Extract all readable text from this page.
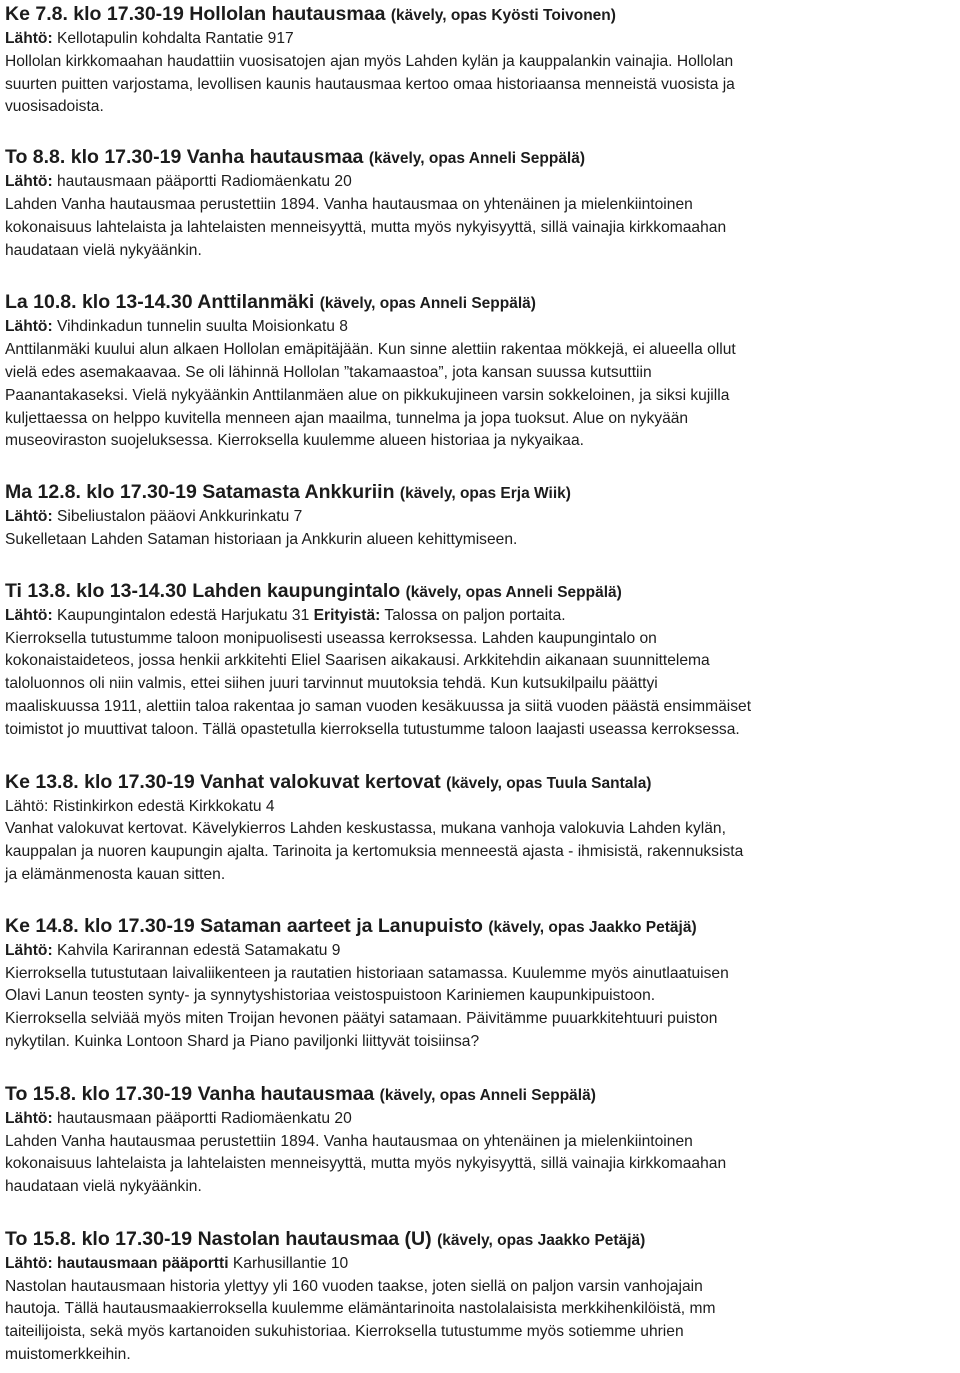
Ke 7.8. klo 17.30-19 Hollolan hautausmaa (kävely, opas Kyösti Toivonen)
Lähtö: Kellotapulin kohdalta Rantatie 917

Hollolan kirkkomaahan haudattiin vuosisatojen ajan myös Lahden kylän ja kauppalankin vainajia. Hollolan
suurten puitten varjostama, levollisen kaunis hautausmaa kertoo omaa historiaansa menneistä vuosista ja
vuosisadoista.

To 8.8. klo 17.30-19 Vanha hautausmaa (kävely, opas Anneli Seppälä)
Lähtö: hautausmaan pääportti Radiomäenkatu 20

Lahden Vanha hautausmaa perustettiin 1894. Vanha hautausmaa on yhtenäinen ja mielenkiintoinen
kokonaisuus lahtelaista ja lahtelaisten menneisyyttä, mutta myös nykyisyyttä, sillä vainajia kirkkomaahan
haudataan vielä nykyäänkin.

La 10.8. klo 13-14.30 Anttilanmäki (kävely, opas Anneli Seppälä)
Lähtö: Vihdinkadun tunnelin suulta Moisionkatu 8

Anttilanmäki kuului alun alkaen Hollolan emäpitäjään. Kun sinne alettiin rakentaa mökkejä, ei alueella ollut
vielä edes asemakaavaa. Se oli lähinnä Hollolan ”takamaastoa”, jota kansan suussa kutsuttiin
Paanantakaseksi. Vielä nykyäänkin Anttilanmäen alue on pikkukujineen varsin sokkeloinen, ja siksi kujilla
kuljettaessa on helppo kuvitella menneen ajan maailma, tunnelma ja jopa tuoksut. Alue on nykyään
museoviraston suojeluksessa. Kierroksella kuulemme alueen historiaa ja nykyaikaa.

Ma 12.8. klo 17.30-19 Satamasta Ankkuriin (kävely, opas Erja Wiik)
Lähtö: Sibeliustalon pääovi Ankkurinkatu 7

Sukelletaan Lahden Sataman historiaan ja Ankkurin alueen kehittymiseen.

Ti 13.8. klo 13-14.30 Lahden kaupungintalo (kävely, opas Anneli Seppälä)
Lähtö: Kaupungintalon edestä Harjukatu 31 Erityistä: Talossa on paljon portaita.

Kierroksella tutustumme taloon monipuolisesti useassa kerroksessa. Lahden kaupungintalo on
kokonaistaideteos, jossa henkii arkkitehti Eliel Saarisen aikakausi. Arkkitehdin aikanaan suunnittelema
taloluonnos oli niin valmis, ettei siihen juuri tarvinnut muutoksia tehdä. Kun kutsukilpailu päättyi
maaliskuussa 1911, alettiin taloa rakentaa jo saman vuoden kesäkuussa ja siitä vuoden päästä ensimmäiset
toimistot jo muuttivat taloon. Tällä opastetulla kierroksella tutustumme taloon laajasti useassa kerroksessa.

Ke 13.8. klo 17.30-19 Vanhat valokuvat kertovat (kävely, opas Tuula Santala)
Lähtö: Ristinkirkon edestä Kirkkokatu 4

Vanhat valokuvat kertovat. Kävelykierros Lahden keskustassa, mukana vanhoja valokuvia Lahden kylän,
kauppalan ja nuoren kaupungin ajalta. Tarinoita ja kertomuksia menneestä ajasta - ihmisistä, rakennuksista
ja elämänmenosta kauan sitten.

Ke 14.8. klo 17.30-19 Sataman aarteet ja Lanupuisto (kävely, opas Jaakko Petäjä)
Lähtö: Kahvila Karirannan edestä Satamakatu 9

Kierroksella tutustutaan laivaliikenteen ja rautatien historiaan satamassa. Kuulemme myös ainutlaatuisen
Olavi Lanun teosten synty- ja synnytyshistoriaa veistospuistoon Kariniemen kaupunkipuistoon.
Kierroksella selviää myös miten Troijan hevonen päätyi satamaan. Päivitämme puuarkkitehtuuri puiston
nykytilan. Kuinka Lontoon Shard ja Piano paviljonki liittyvät toisiinsa?

To 15.8. klo 17.30-19 Vanha hautausmaa (kävely, opas Anneli Seppälä)
Lähtö: hautausmaan pääportti Radiomäenkatu 20

Lahden Vanha hautausmaa perustettiin 1894. Vanha hautausmaa on yhtenäinen ja mielenkiintoinen
kokonaisuus lahtelaista ja lahtelaisten menneisyyttä, mutta myös nykyisyyttä, sillä vainajia kirkkomaahan
haudataan vielä nykyäänkin.

To 15.8. klo 17.30-19 Nastolan hautausmaa (U) (kävely, opas Jaakko Petäjä)
Lähtö: hautausmaan pääportti Karhusillantie 10

Nastolan hautausmaan historia ylettyy yli 160 vuoden taakse, joten siellä on paljon varsin vanhojajain
hautoja. Tällä hautausmaakierroksella kuulemme elämäntarinoita nastolalaisista merkkihenkilöistä, mm
taiteilijoista, sekä myös kartanoiden sukuhistoriaa. Kierroksella tutustumme myös sotiemme uhrien
muistomerkkeihin.
